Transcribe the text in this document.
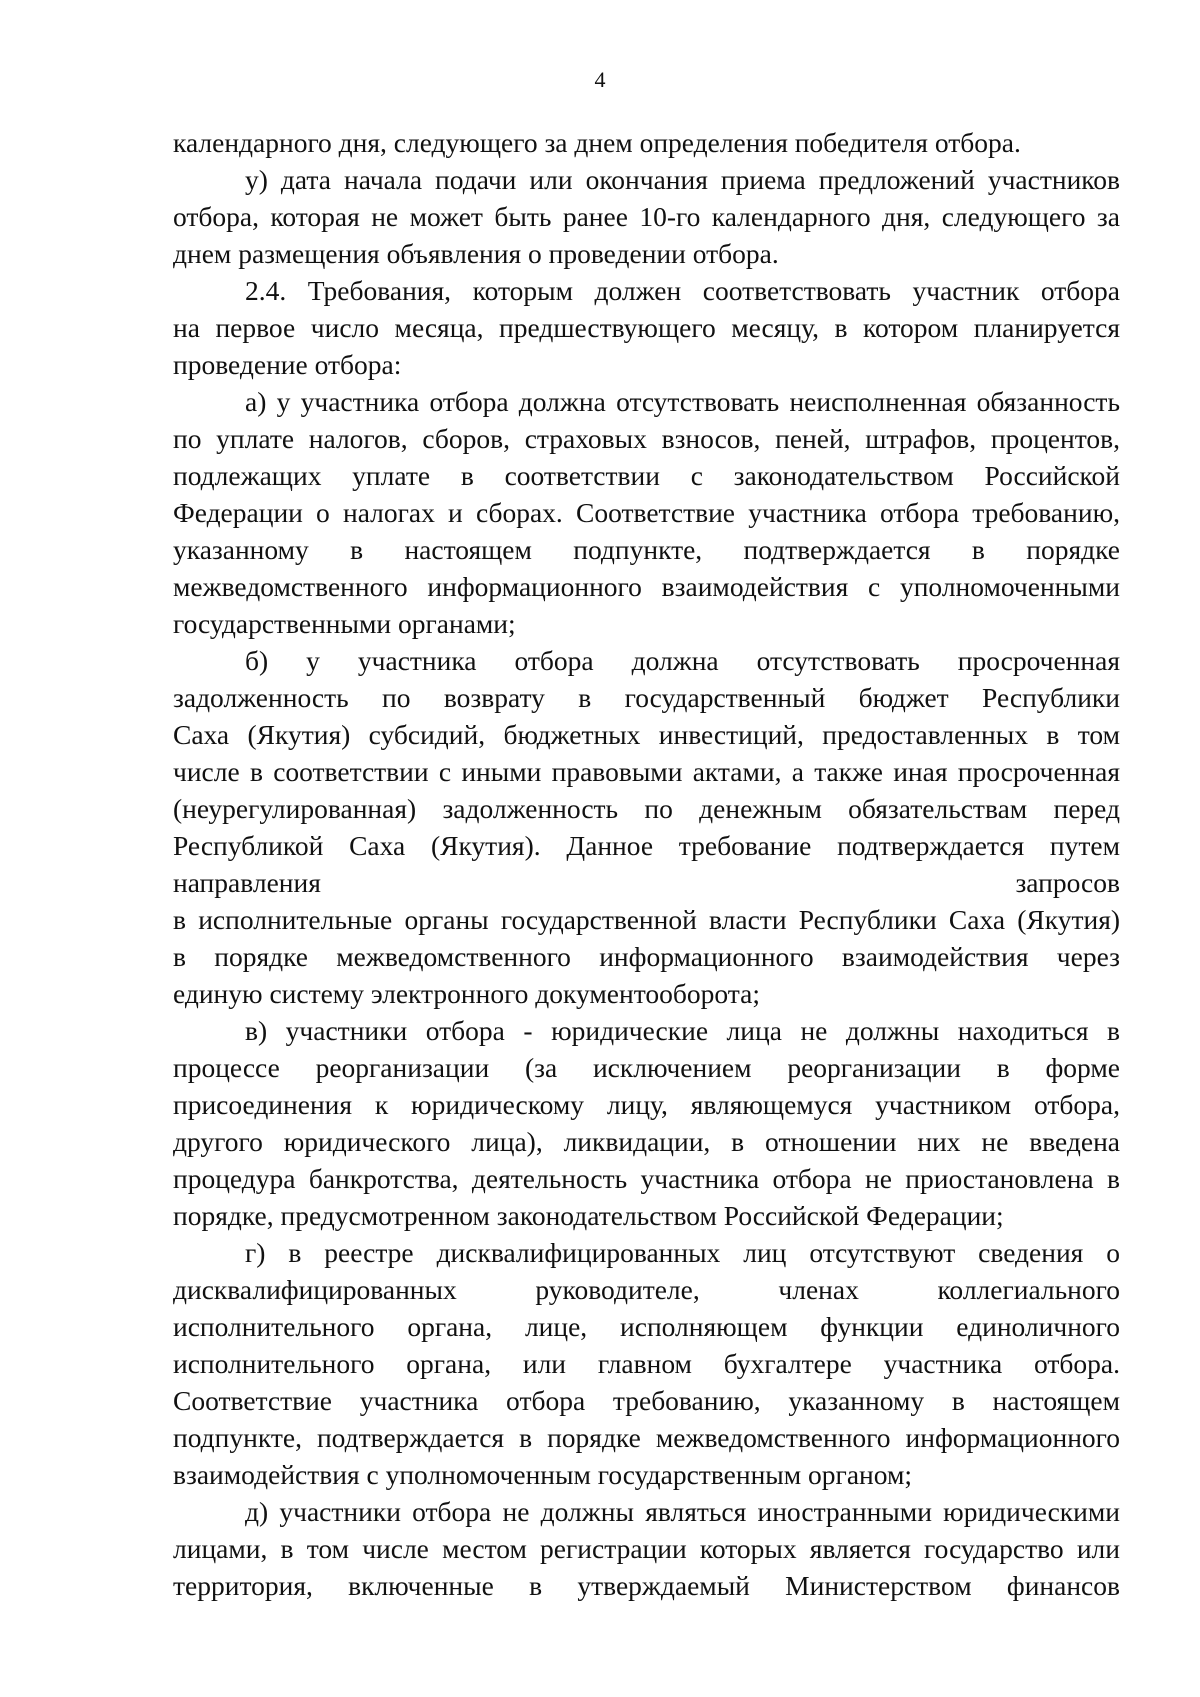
4
календарного дня, следующего за днем определения победителя отбора.
у) дата начала подачи или окончания приема предложений участников
отбора, которая не может быть ранее 10-го календарного дня, следующего за
днем размещения объявления о проведении отбора.
2.4. Требования, которым должен соответствовать участник отбора
на первое число месяца, предшествующего месяцу, в котором планируется
проведение отбора:
а) у участника отбора должна отсутствовать неисполненная обязанность
по уплате налогов, сборов, страховых взносов, пеней, штрафов, процентов,
подлежащих уплате в соответствии с законодательством Российской
Федерации о налогах и сборах. Соответствие участника отбора требованию,
указанному в настоящем подпункте, подтверждается в порядке
межведомственного информационного взаимодействия с уполномоченными
государственными органами;
б) у участника отбора должна отсутствовать просроченная
задолженность по возврату в государственный бюджет Республики
Саха (Якутия) субсидий, бюджетных инвестиций, предоставленных в том
числе в соответствии с иными правовыми актами, а также иная просроченная
(неурегулированная) задолженность по денежным обязательствам перед
Республикой Саха (Якутия). Данное требование подтверждается путем
направления запросов
в исполнительные органы государственной власти Республики Саха (Якутия)
в порядке межведомственного информационного взаимодействия через
единую систему электронного документооборота;
в) участники отбора - юридические лица не должны находиться в
процессе реорганизации (за исключением реорганизации в форме
присоединения к юридическому лицу, являющемуся участником отбора,
другого юридического лица), ликвидации, в отношении них не введена
процедура банкротства, деятельность участника отбора не приостановлена в
порядке, предусмотренном законодательством Российской Федерации;
г) в реестре дисквалифицированных лиц отсутствуют сведения о
дисквалифицированных руководителе, членах коллегиального
исполнительного органа, лице, исполняющем функции единоличного
исполнительного органа, или главном бухгалтере участника отбора.
Соответствие участника отбора требованию, указанному в настоящем
подпункте, подтверждается в порядке межведомственного информационного
взаимодействия с уполномоченным государственным органом;
д) участники отбора не должны являться иностранными юридическими
лицами, в том числе местом регистрации которых является государство или
территория, включенные в утверждаемый Министерством финансов
